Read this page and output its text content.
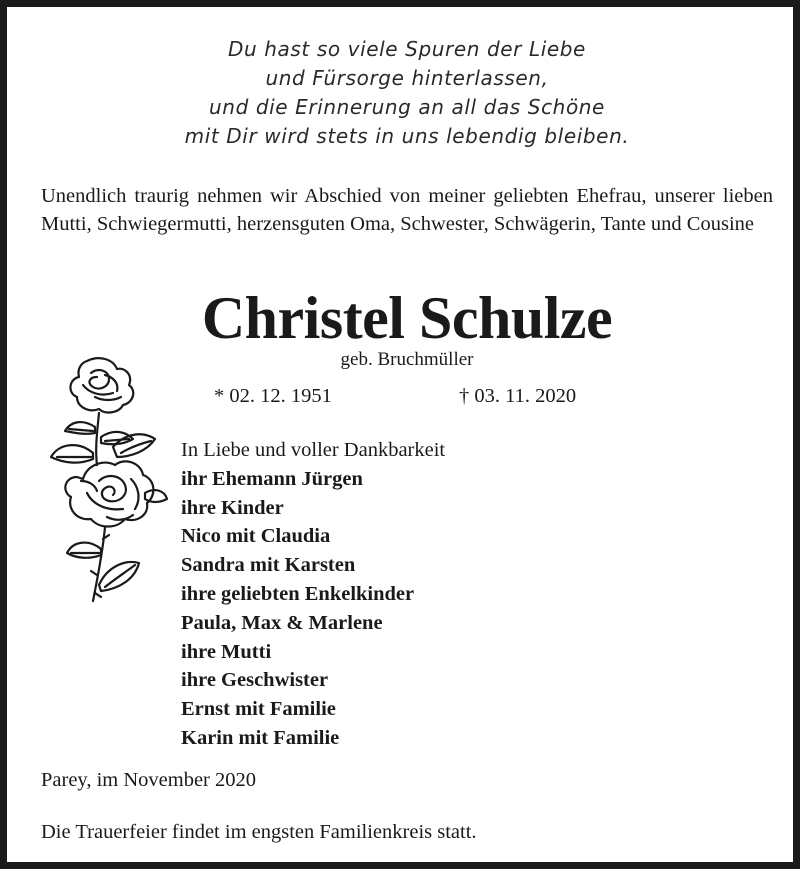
Du hast so viele Spuren der Liebe
und Fürsorge hinterlassen,
und die Erinnerung an all das Schöne
mit Dir wird stets in uns lebendig bleiben.
Unendlich traurig nehmen wir Abschied von meiner geliebten Ehefrau, unserer lieben Mutti, Schwiegermutti, herzensguten Oma, Schwester, Schwägerin, Tante und Cousine
Christel Schulze
geb. Bruchmüller
* 02. 12. 1951	† 03. 11. 2020
In Liebe und voller Dankbarkeit
ihr Ehemann Jürgen
ihre Kinder
Nico mit Claudia
Sandra mit Karsten
ihre geliebten Enkelkinder
Paula, Max & Marlene
ihre Mutti
ihre Geschwister
Ernst mit Familie
Karin mit Familie
Parey, im November 2020
Die Trauerfeier findet im engsten Familienkreis statt.
